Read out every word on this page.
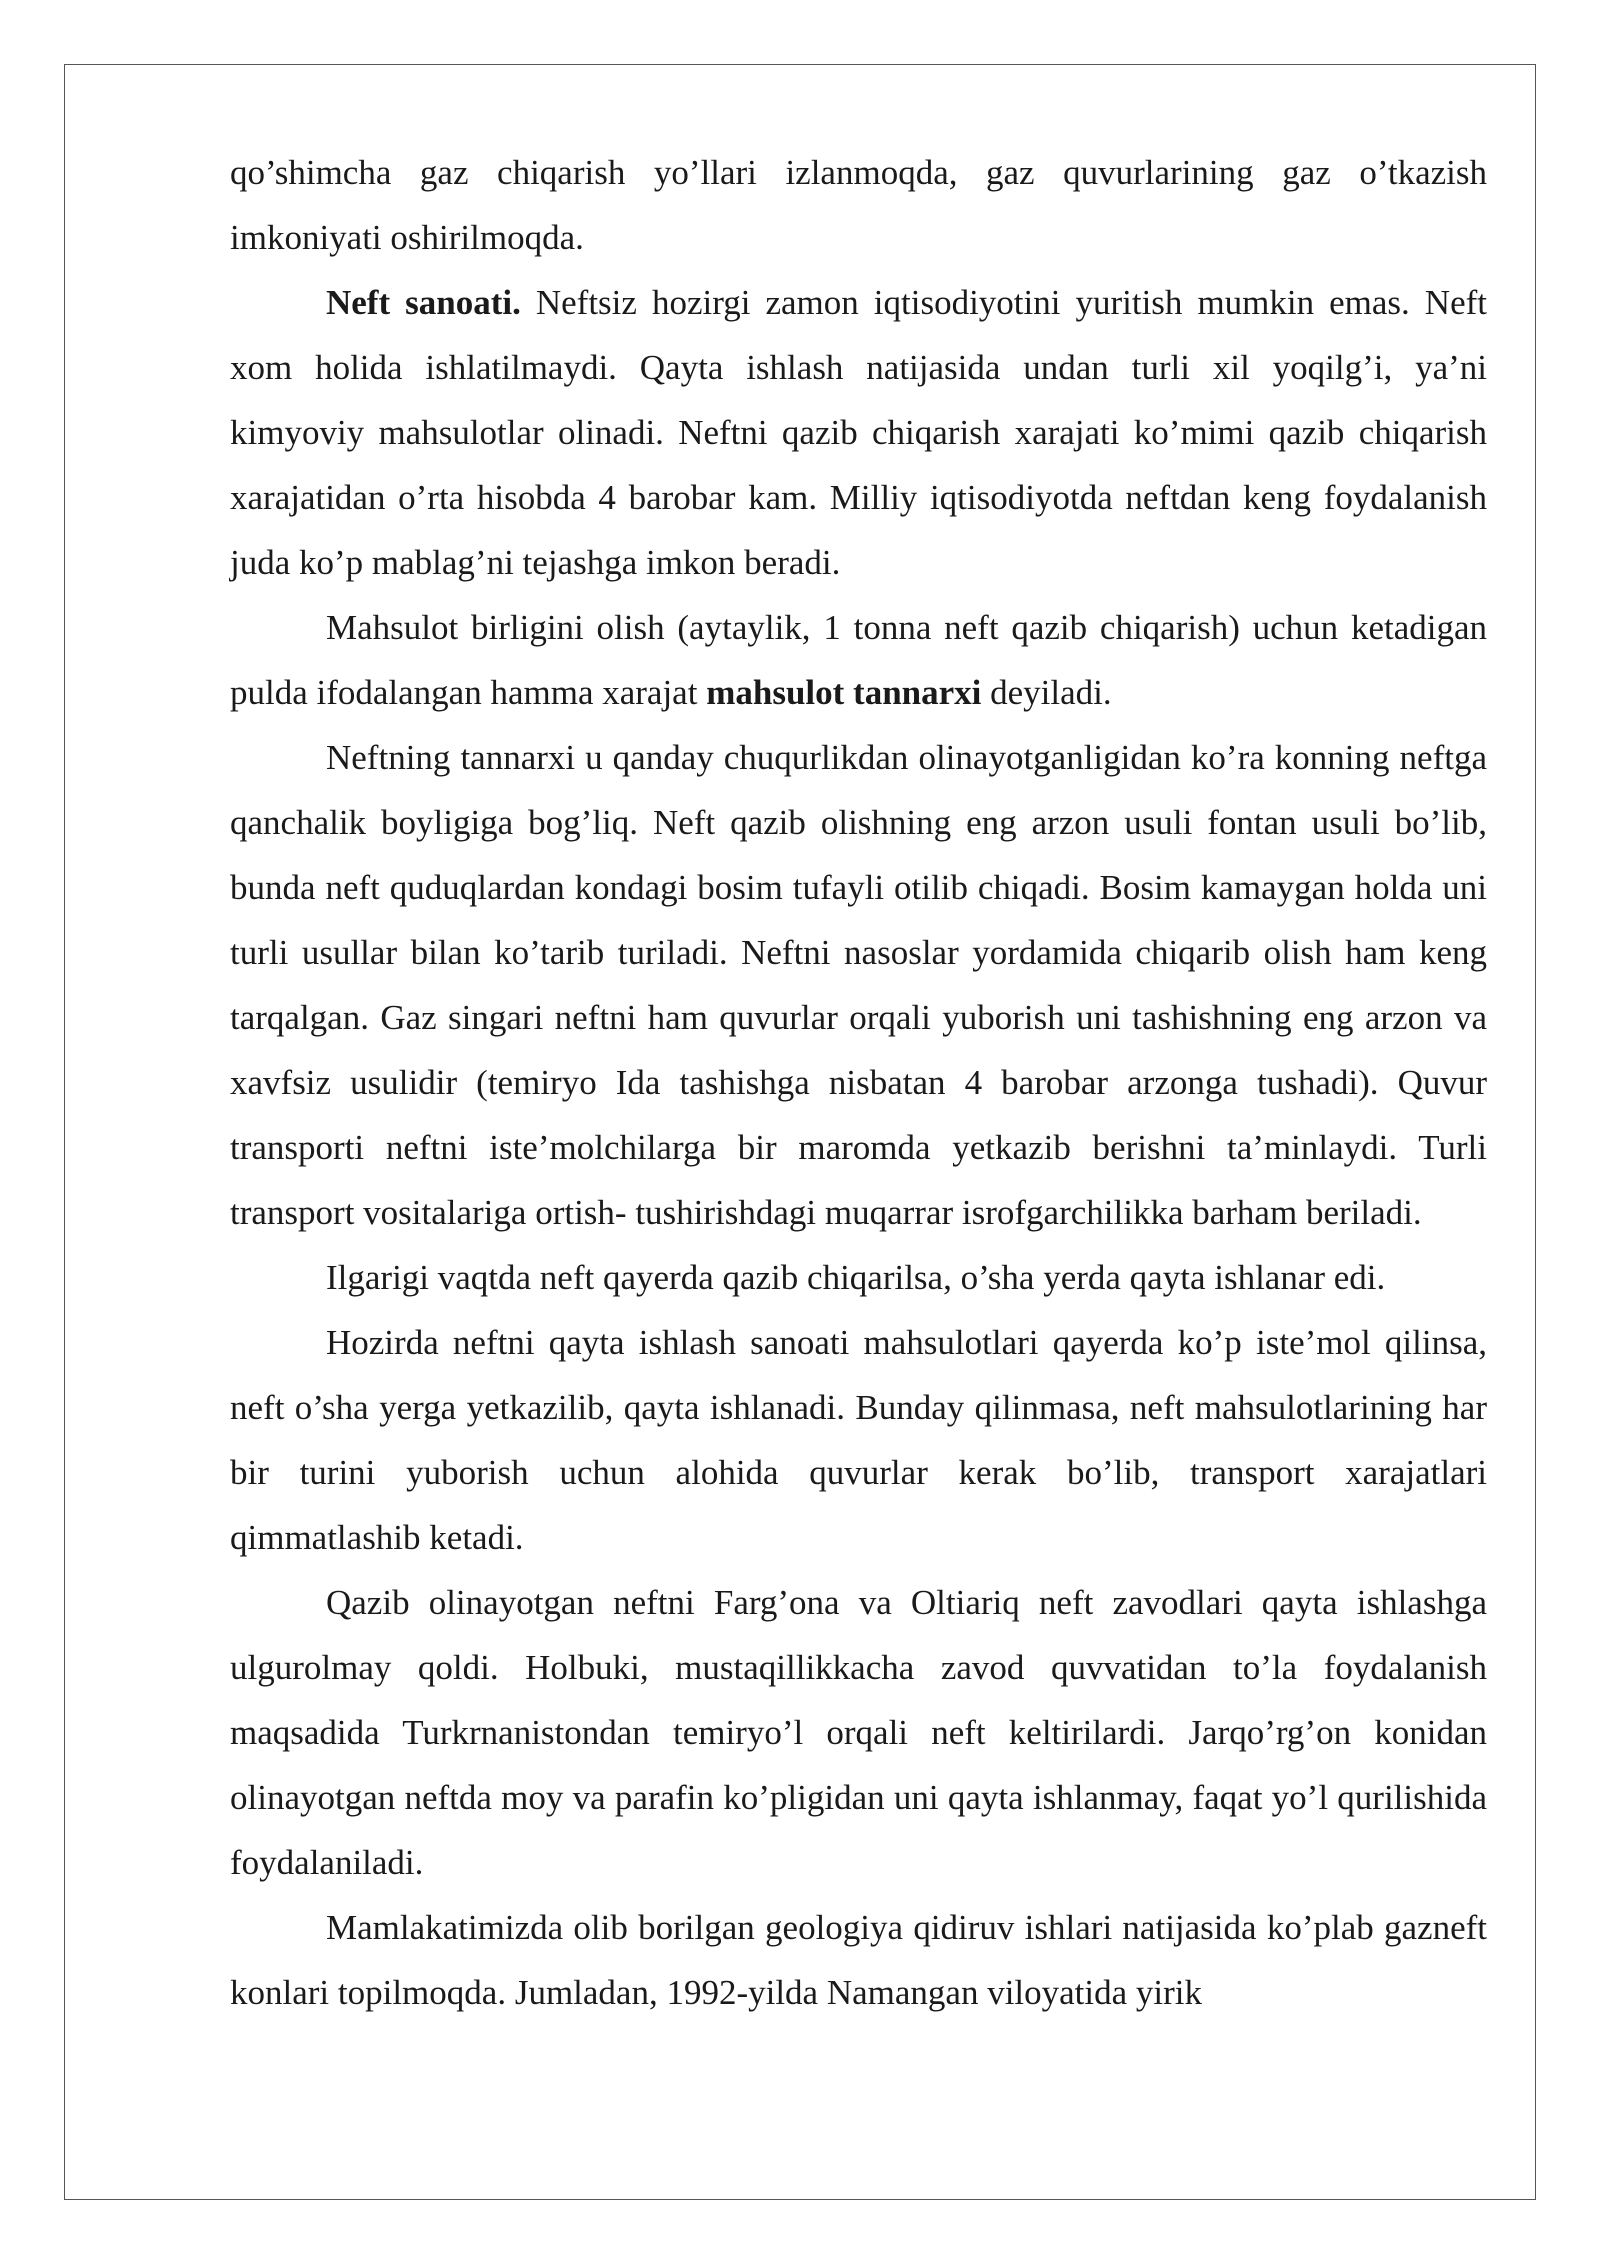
qo’shimcha gaz chiqarish yo’llari izlanmoqda, gaz quvurlarining gaz o’tkazish imkoniyati oshirilmoqda.

Neft sanoati. Neftsiz hozirgi zamon iqtisodiyotini yuritish mumkin emas. Neft xom holida ishlatilmaydi. Qayta ishlash natijasida undan turli xil yoqilg’i, ya’ni kimyoviy mahsulotlar olinadi. Neftni qazib chiqarish xarajati ko’mimi qazib chiqarish xarajatidan o’rta hisobda 4 barobar kam. Milliy iqtisodiyotda neftdan keng foydalanish juda ko’p mablag’ni tejashga imkon beradi.

Mahsulot birligini olish (aytaylik, 1 tonna neft qazib chiqarish) uchun ketadigan pulda ifodalangan hamma xarajat mahsulot tannarxi deyiladi.

Neftning tannarxi u qanday chuqurlikdan olinayotganligidan ko’ra konning neftga qanchalik boyligiga bog’liq. Neft qazib olishning eng arzon usuli fontan usuli bo’lib, bunda neft quduqlardan kondagi bosim tufayli otilib chiqadi. Bosim kamaygan holda uni turli usullar bilan ko’tarib turiladi. Neftni nasoslar yordamida chiqarib olish ham keng tarqalgan. Gaz singari neftni ham quvurlar orqali yuborish uni tashishning eng arzon va xavfsiz usulidir (temiryo Ida tashishga nisbatan 4 barobar arzonga tushadi). Quvur transporti neftni iste’molchilarga bir maromda yetkazib berishni ta’minlaydi. Turli transport vositalariga ortish- tushirishdagi muqarrar isrofgarchilikka barham beriladi.

Ilgarigi vaqtda neft qayerda qazib chiqarilsa, o’sha yerda qayta ishlanar edi.

Hozirda neftni qayta ishlash sanoati mahsulotlari qayerda ko’p iste’mol qilinsa, neft o’sha yerga yetkazilib, qayta ishlanadi. Bunday qilinmasa, neft mahsulotlarining har bir turini yuborish uchun alohida quvurlar kerak bo’lib, transport xarajatlari qimmatlashib ketadi.

Qazib olinayotgan neftni Farg’ona va Oltiariq neft zavodlari qayta ishlashga ulgurolmay qoldi. Holbuki, mustaqillikkacha zavod quvvatidan to’la foydalanish maqsadida Turkrnanistondan temiryo’l orqali neft keltirilardi. Jarqo’rg’on konidan olinayotgan neftda moy va parafin ko’pligidan uni qayta ishlanmay, faqat yo’l qurilishida foydalaniladi.

Mamlakatimizda olib borilgan geologiya qidiruv ishlari natijasida ko’plab gazneft konlari topilmoqda. Jumladan, 1992-yilda Namangan viloyatida yirik
